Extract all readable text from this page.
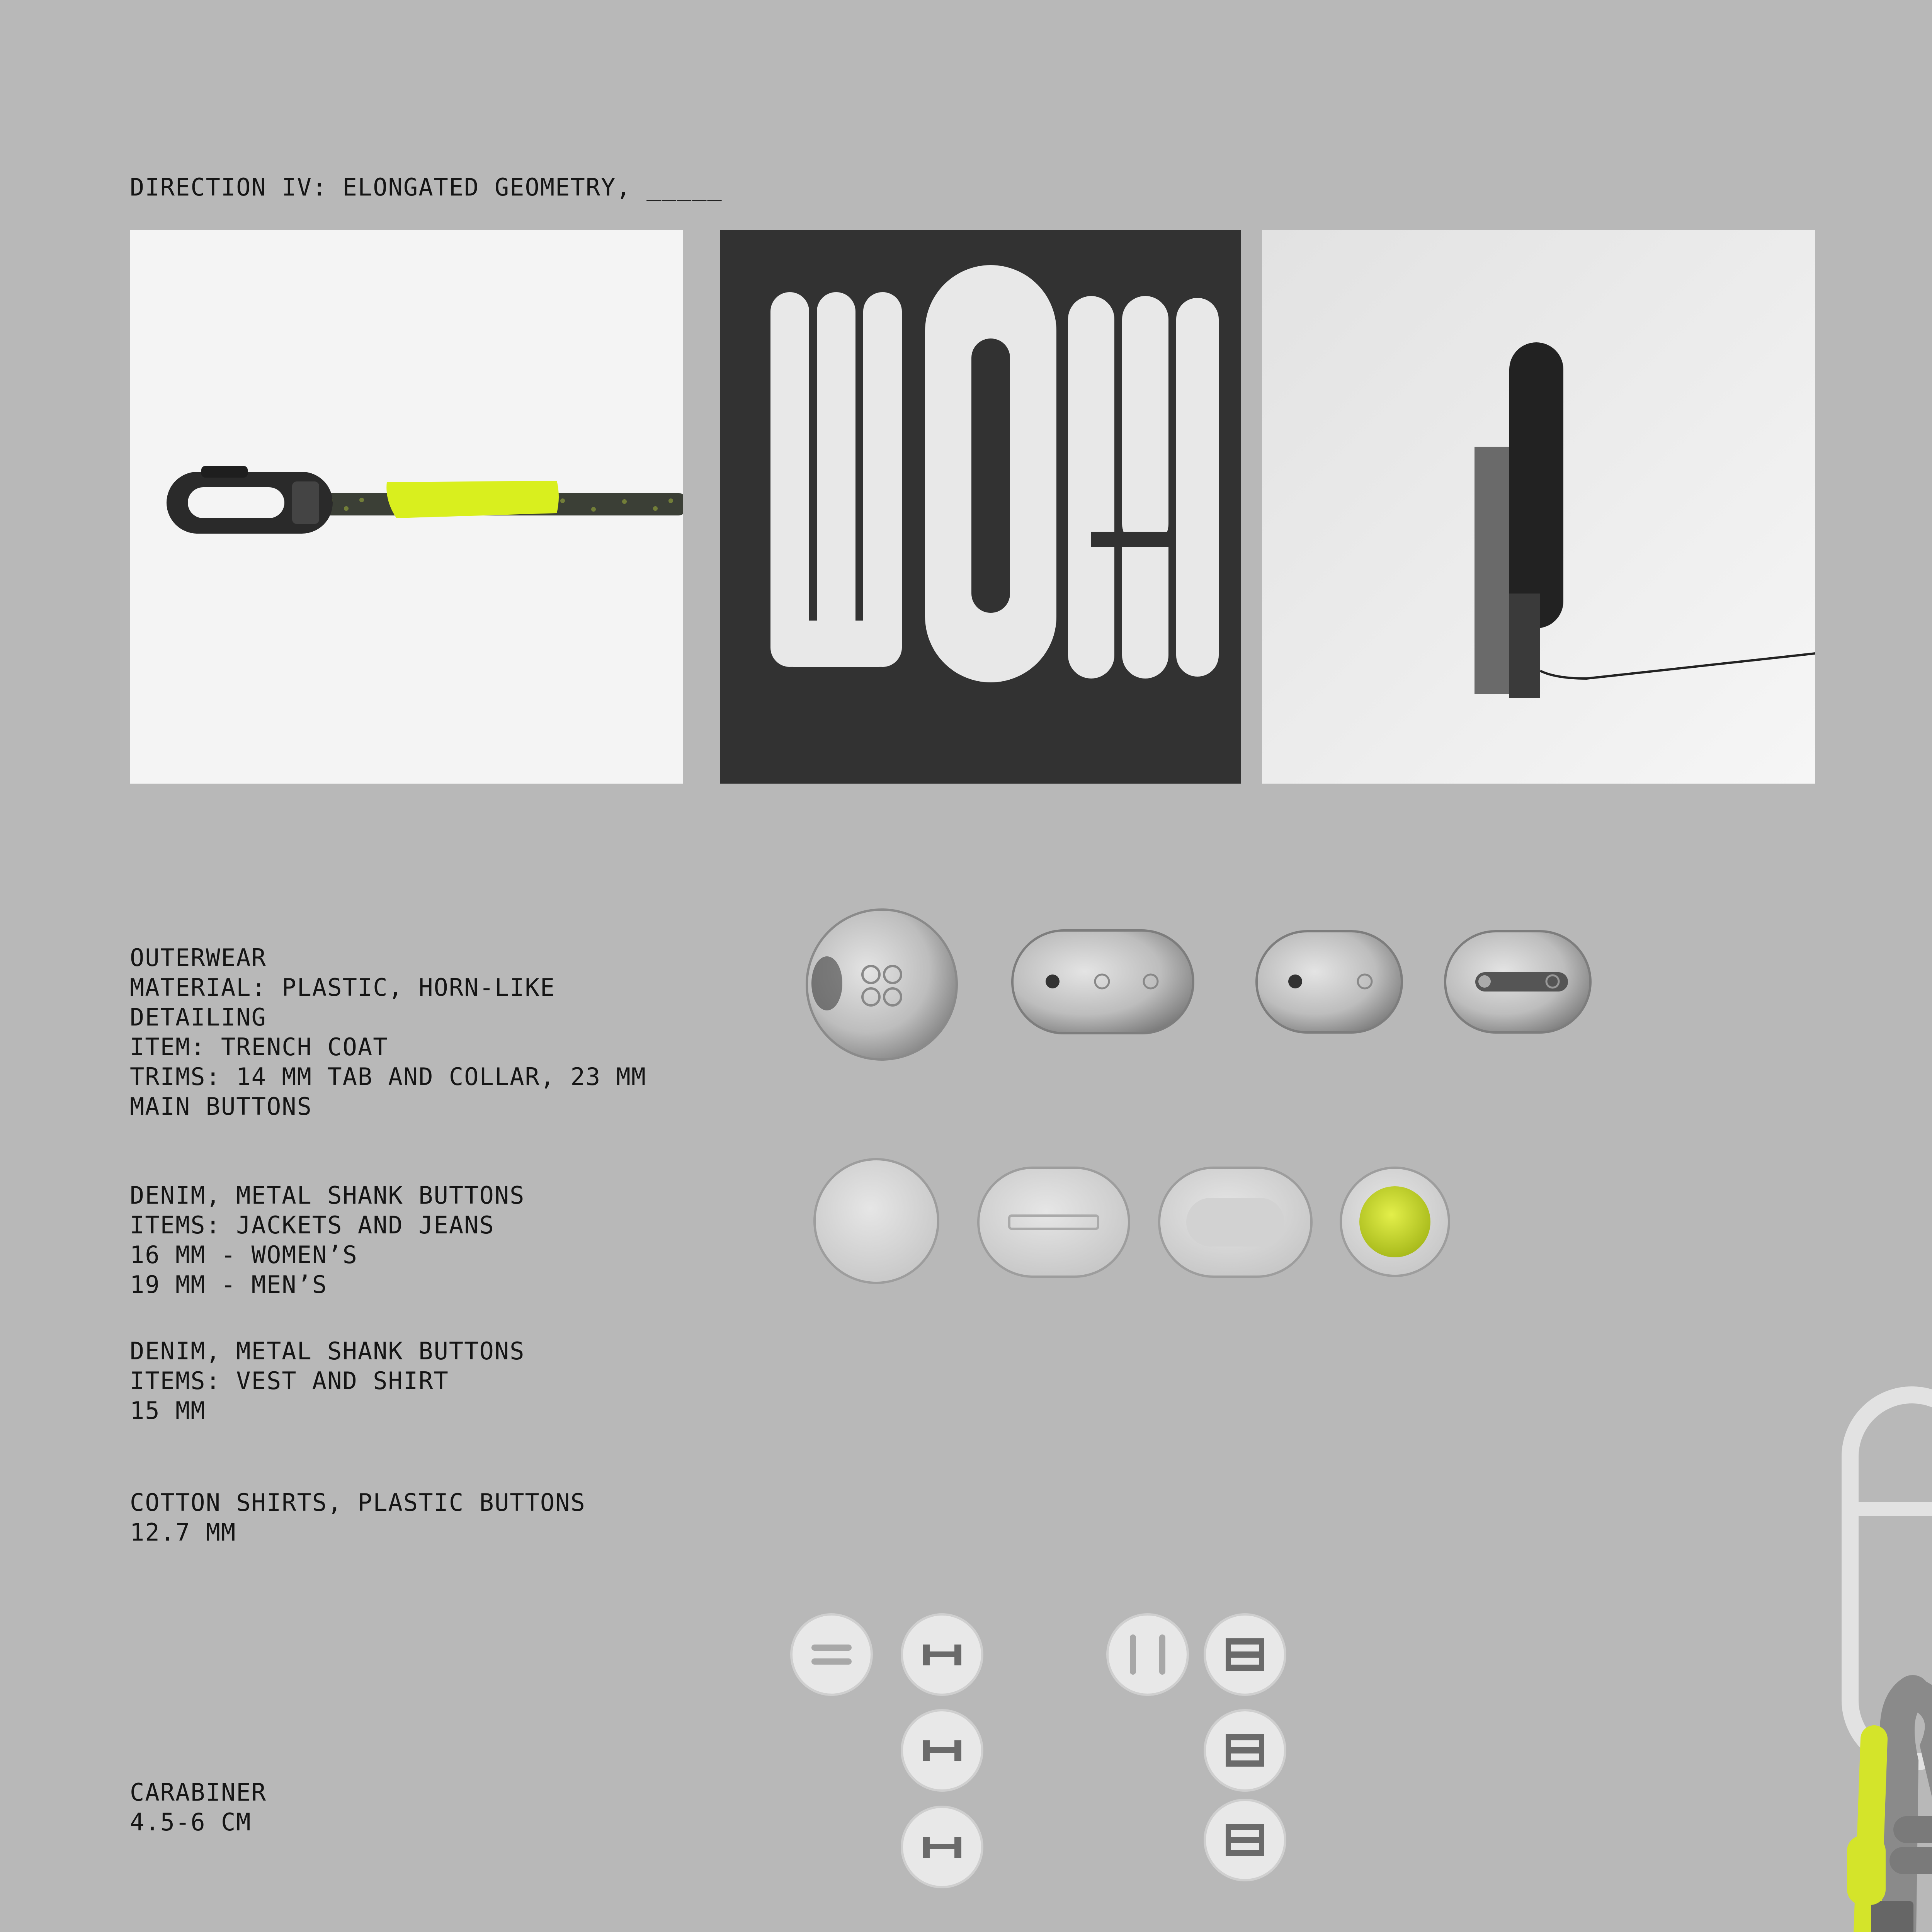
DIRECTION IV: ELONGATED GEOMETRY, _____
OUTERWEAR
MATERIAL: PLASTIC, HORN-LIKE
DETAILING
ITEM: TRENCH COAT
TRIMS: 14 MM TAB AND COLLAR, 23 MM
MAIN BUTTONS
DENIM, METAL SHANK BUTTONS
ITEMS: JACKETS AND JEANS
16 MM - WOMEN’S
19 MM - MEN’S
DENIM, METAL SHANK BUTTONS
ITEMS: VEST AND SHIRT
15 MM
COTTON SHIRTS, PLASTIC BUTTONS
12.7 MM
CARABINER
4.5-6 CM
